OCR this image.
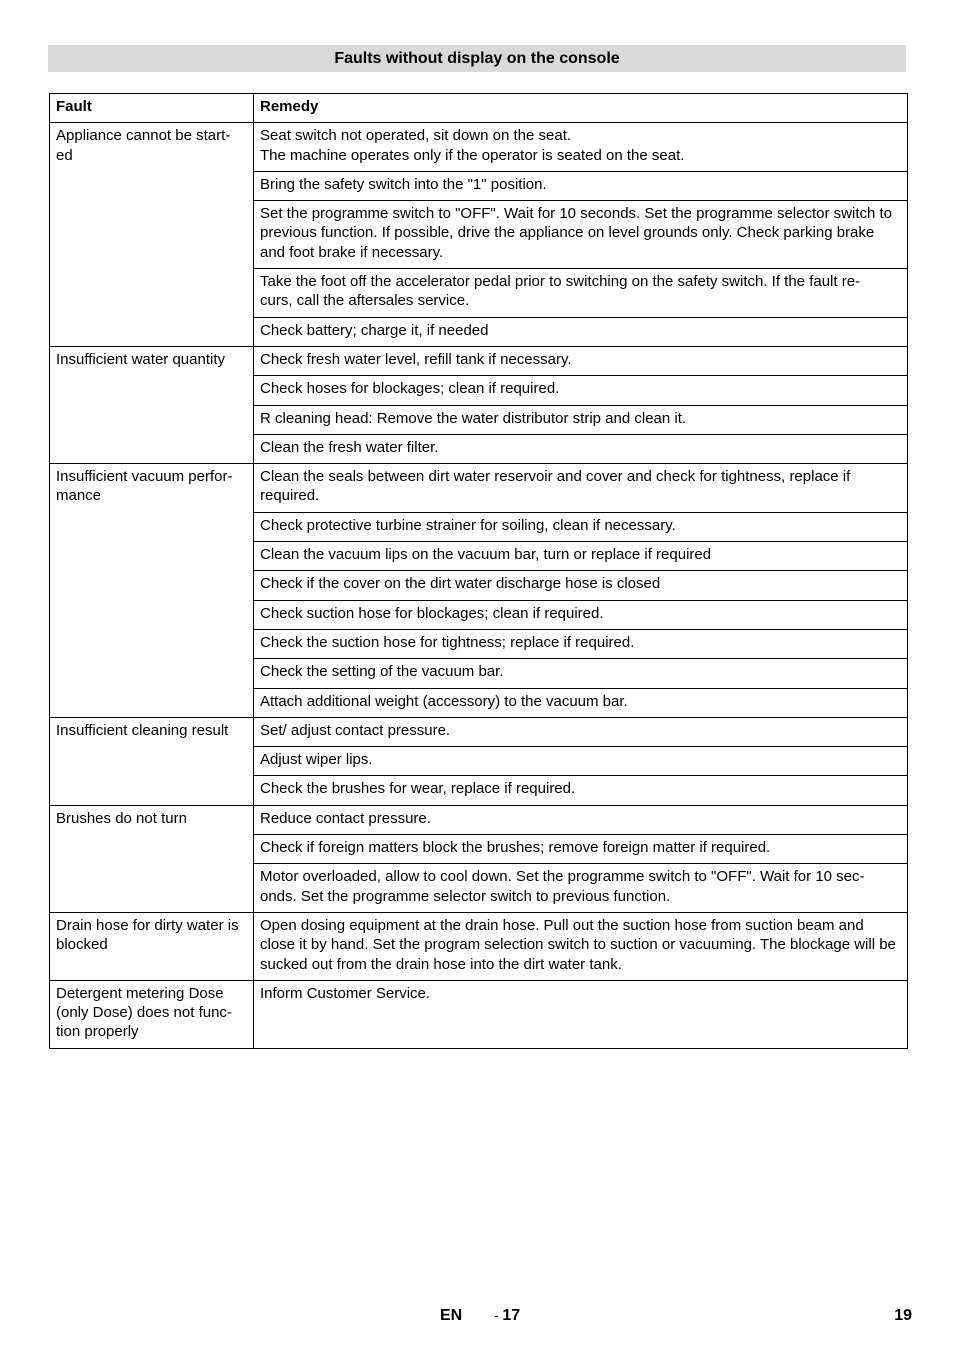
Faults without display on the console
Fault	Remedy
Appliance cannot be start-
ed	Seat switch not operated, sit down on the seat.
The machine operates only if the operator is seated on the seat.
	Bring the safety switch into the "1" position.
	Set the programme switch to "OFF". Wait for 10 seconds. Set the programme selector switch to previous function. If possible, drive the appliance on level grounds only. Check parking brake and foot brake if necessary.
	Take the foot off the accelerator pedal prior to switching on the safety switch. If the fault re-
curs, call the aftersales service.
	Check battery; charge it, if needed
Insufficient water quantity	Check fresh water level, refill tank if necessary.
	Check hoses for blockages; clean if required.
	R cleaning head: Remove the water distributor strip and clean it.
	Clean the fresh water filter.
Insufficient vacuum perfor-
mance	Clean the seals between dirt water reservoir and cover and check for tightness, replace if required.
	Check protective turbine strainer for soiling, clean if necessary.
	Clean the vacuum lips on the vacuum bar, turn or replace if required
	Check if the cover on the dirt water discharge hose is closed
	Check suction hose for blockages; clean if required.
	Check the suction hose for tightness; replace if required.
	Check the setting of the vacuum bar.
	Attach additional weight (accessory) to the vacuum bar.
Insufficient cleaning result	Set/ adjust contact pressure.
	Adjust wiper lips.
	Check the brushes for wear, replace if required.
Brushes do not turn	Reduce contact pressure.
	Check if foreign matters block the brushes; remove foreign matter if required.
	Motor overloaded, allow to cool down. Set the programme switch to "OFF". Wait for 10 sec-
onds. Set the programme selector switch to previous function.
Drain hose for dirty water is blocked	Open dosing equipment at the drain hose. Pull out the suction hose from suction beam and close it by hand. Set the program selection switch to suction or vacuuming. The blockage will be sucked out from the drain hose into the dirt water tank.
Detergent metering Dose (only Dose) does not func-
tion properly	Inform Customer Service.
EN - 17	19
